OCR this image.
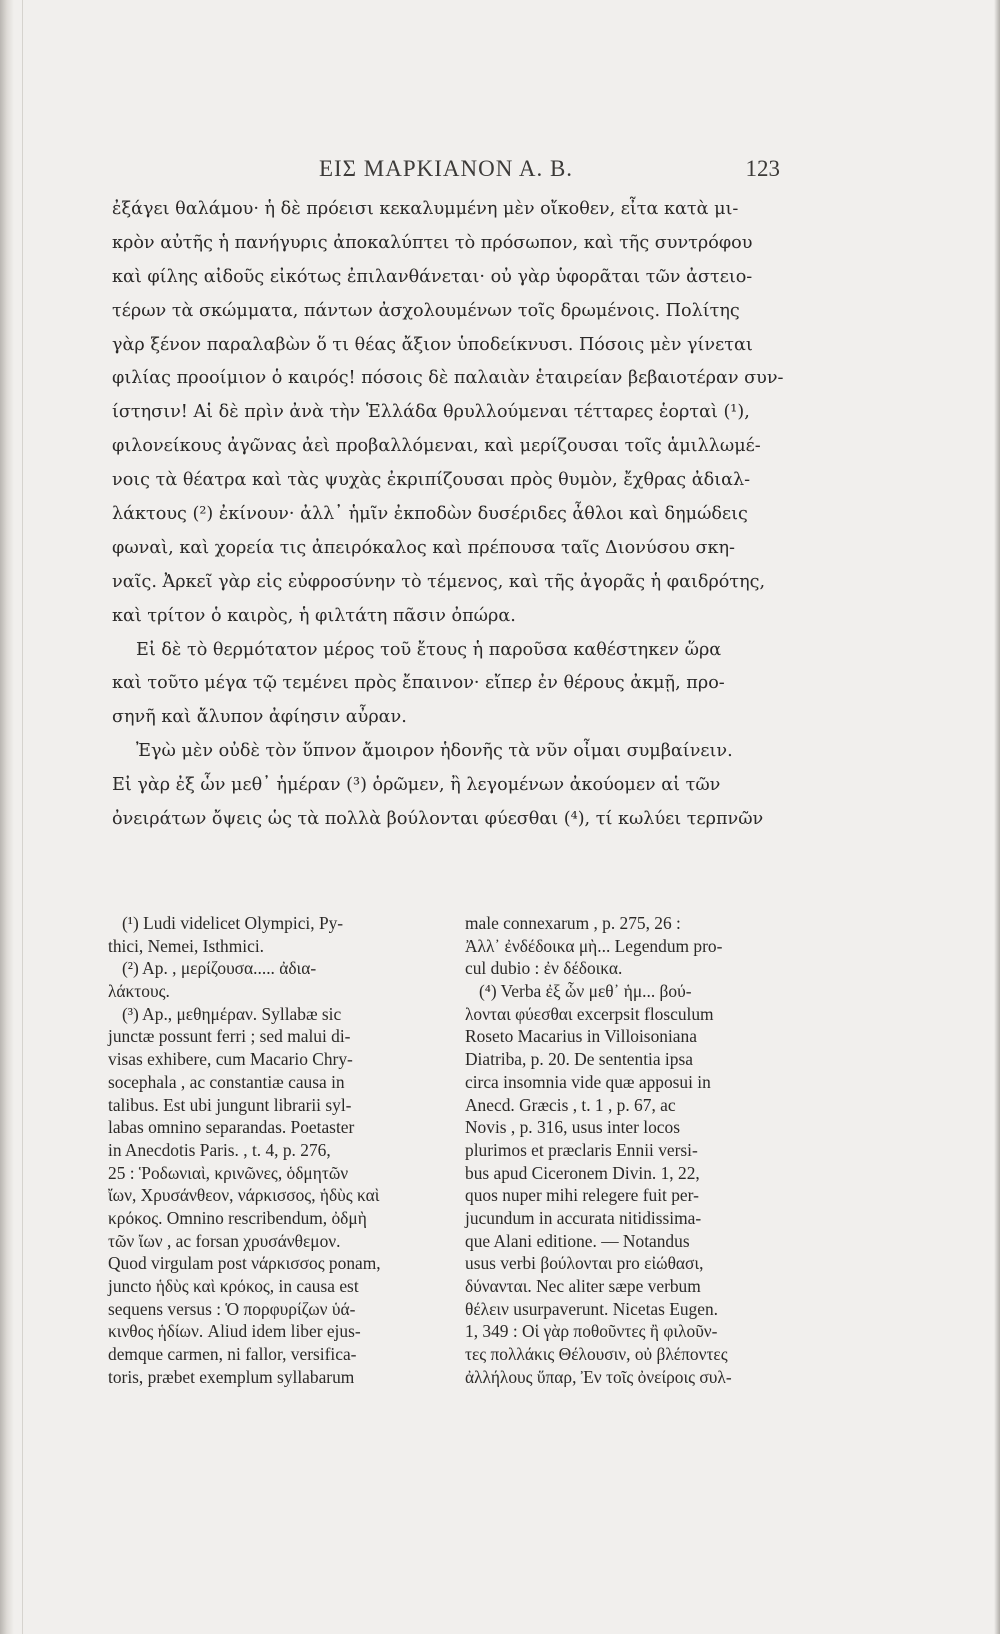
ΕΙΣ ΜΑΡΚΙΑΝΟΝ Α. Β.	123
ἐξάγει θαλάμου· ἡ δὲ πρόεισι κεκαλυμμένη μὲν οἴκοθεν, εἶτα κατὰ μι-
κρὸν αὐτῆς ἡ πανήγυρις ἀποκαλύπτει τὸ πρόσωπον, καὶ τῆς συντρόφου
καὶ φίλης αἰδοῦς εἰκότως ἐπιλανθάνεται· οὐ γὰρ ὑφορᾶται τῶν ἀστειο-
τέρων τὰ σκώμματα, πάντων ἀσχολουμένων τοῖς δρωμένοις. Πολίτης
γὰρ ξένον παραλαβὼν ὅ τι θέας ἄξιον ὑποδείκνυσι. Πόσοις μὲν γίνεται
φιλίας προοίμιον ὁ καιρός! πόσοις δὲ παλαιὰν ἑταιρείαν βεβαιοτέραν συν-
ίστησιν! Αἱ δὲ πρὶν ἀνὰ τὴν Ἑλλάδα θρυλλούμεναι τέτταρες ἑορταὶ (¹),
φιλονείκους ἀγῶνας ἀεὶ προβαλλόμεναι, καὶ μερίζουσαι τοῖς ἁμιλλωμέ-
νοις τὰ θέατρα καὶ τὰς ψυχὰς ἐκριπίζουσαι πρὸς θυμὸν, ἔχθρας ἀδιαλ-
λάκτους (²) ἐκίνουν· ἀλλ᾽ ἡμῖν ἐκποδὼν δυσέριδες ἆθλοι καὶ δημώδεις
φωναὶ, καὶ χορεία τις ἀπειρόκαλος καὶ πρέπουσα ταῖς Διονύσου σκη-
ναῖς. Ἀρκεῖ γὰρ εἰς εὐφροσύνην τὸ τέμενος, καὶ τῆς ἀγορᾶς ἡ φαιδρότης,
καὶ τρίτον ὁ καιρὸς, ἡ φιλτάτη πᾶσιν ὀπώρα.
Εἰ δὲ τὸ θερμότατον μέρος τοῦ ἔτους ἡ παροῦσα καθέστηκεν ὥρα
καὶ τοῦτο μέγα τῷ τεμένει πρὸς ἔπαινον· εἴπερ ἐν θέρους ἀκμῇ, προ-
σηνῆ καὶ ἄλυπον ἀφίησιν αὖραν.
Ἐγὼ μὲν οὐδὲ τὸν ὕπνον ἄμοιρον ἡδονῆς τὰ νῦν οἶμαι συμβαίνειν.
Εἰ γὰρ ἐξ ὧν μεθ᾽ ἡμέραν (³) ὁρῶμεν, ἢ λεγομένων ἀκούομεν αἱ τῶν
ὀνειράτων ὄψεις ὡς τὰ πολλὰ βούλονται φύεσθαι (⁴), τί κωλύει τερπνῶν
(¹) Ludi videlicet Olympici, Py-
thici, Nemei, Isthmici.
(²) Ap. , μερίζουσα..... ἀδια-
λάκτους.
(³) Ap., μεθημέραν. Syllabæ sic
junctæ possunt ferri ; sed malui di-
visas exhibere, cum Macario Chry-
socephala , ac constantiæ causa in
talibus. Est ubi jungunt librarii syl-
labas omnino separandas. Poetaster
in Anecdotis Paris. , t. 4, p. 276,
25 : Ῥοδωνιαὶ, κρινῶνες, ὁδμητῶν
ἴων, Χρυσάνθεον, νάρκισσος, ἡδὺς καὶ
κρόκος. Omnino rescribendum, ὀδμὴ
τῶν ἴων , ac forsan χρυσάνθεμον.
Quod virgulam post νάρκισσος ponam,
juncto ἡδὺς καὶ κρόκος, in causa est
sequens versus : Ὁ πορφυρίζων ὑά-
κινθος ἡδίων. Aliud idem liber ejus-
demque carmen, ni fallor, versifica-
toris, præbet exemplum syllabarum
male connexarum , p. 275, 26 :
Ἀλλ᾽ ἐνδέδοικα μὴ... Legendum pro-
cul dubio : ἐν δέδοικα.
(⁴) Verba ἐξ ὧν μεθ᾽ ἡμ... βού-
λονται φύεσθαι excerpsit flosculum
Roseto Macarius in Villoisoniana
Diatriba, p. 20. De sententia ipsa
circa insomnia vide quæ apposui in
Anecd. Græcis , t. 1 , p. 67, ac
Novis , p. 316, usus inter locos
plurimos et præclaris Ennii versi-
bus apud Ciceronem Divin. 1, 22,
quos nuper mihi relegere fuit per-
jucundum in accurata nitidissima-
que Alani editione. — Notandus
usus verbi βούλονται pro εἰώθασι,
δύνανται. Nec aliter sæpe verbum
θέλειν usurpaverunt. Nicetas Eugen.
1, 349 : Οἱ γὰρ ποθοῦντες ἢ φιλοῦν-
τες πολλάκις Θέλουσιν, οὐ βλέποντες
ἀλλήλους ὕπαρ, Ἐν τοῖς ὀνείροις συλ-
